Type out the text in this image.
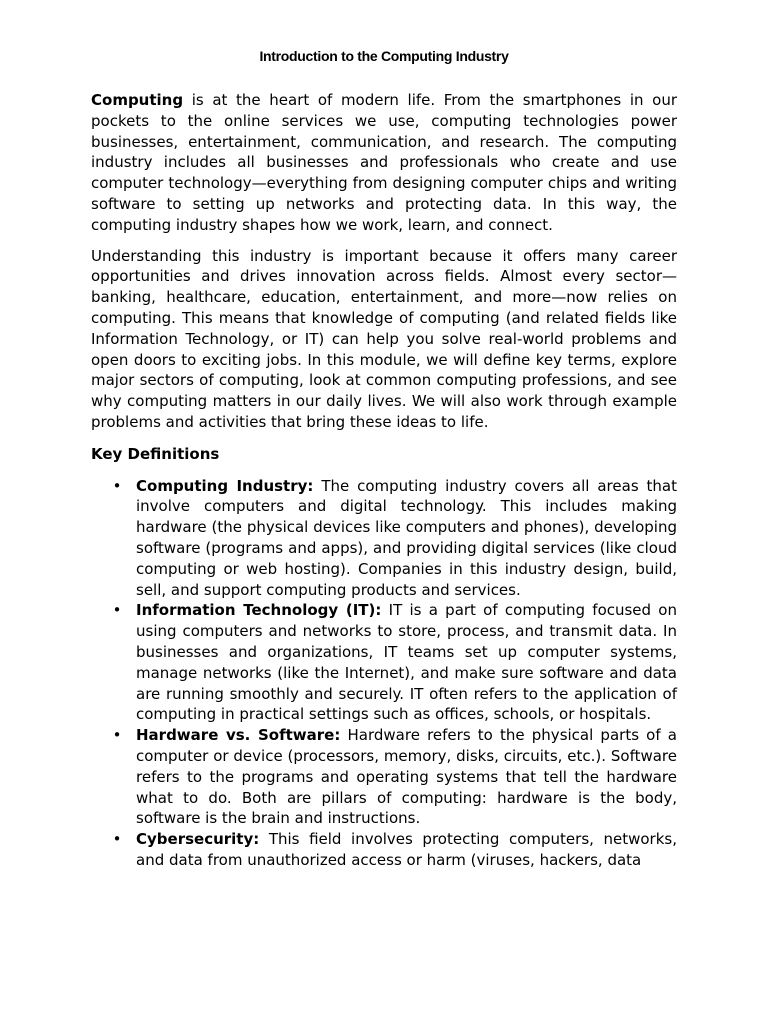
Introduction to the Computing Industry

Computing is at the heart of modern life. From the smartphones in our pockets to the online services we use, computing technologies power businesses, entertainment, communication, and research. The computing industry includes all businesses and professionals who create and use computer technology—everything from designing computer chips and writing software to setting up networks and protecting data. In this way, the computing industry shapes how we work, learn, and connect.

Understanding this industry is important because it offers many career opportunities and drives innovation across fields. Almost every sector—banking, healthcare, education, entertainment, and more—now relies on computing. This means that knowledge of computing (and related fields like Information Technology, or IT) can help you solve real-world problems and open doors to exciting jobs. In this module, we will define key terms, explore major sectors of computing, look at common computing professions, and see why computing matters in our daily lives. We will also work through example problems and activities that bring these ideas to life.

Key Definitions
• Computing Industry: The computing industry covers all areas that involve computers and digital technology. This includes making hardware (the physical devices like computers and phones), developing software (programs and apps), and providing digital services (like cloud computing or web hosting). Companies in this industry design, build, sell, and support computing products and services.
• Information Technology (IT): IT is a part of computing focused on using computers and networks to store, process, and transmit data. In businesses and organizations, IT teams set up computer systems, manage networks (like the Internet), and make sure software and data are running smoothly and securely. IT often refers to the application of computing in practical settings such as offices, schools, or hospitals.
• Hardware vs. Software: Hardware refers to the physical parts of a computer or device (processors, memory, disks, circuits, etc.). Software refers to the programs and operating systems that tell the hardware what to do. Both are pillars of computing: hardware is the body, software is the brain and instructions.
• Cybersecurity: This field involves protecting computers, networks, and data from unauthorized access or harm (viruses, hackers, data
